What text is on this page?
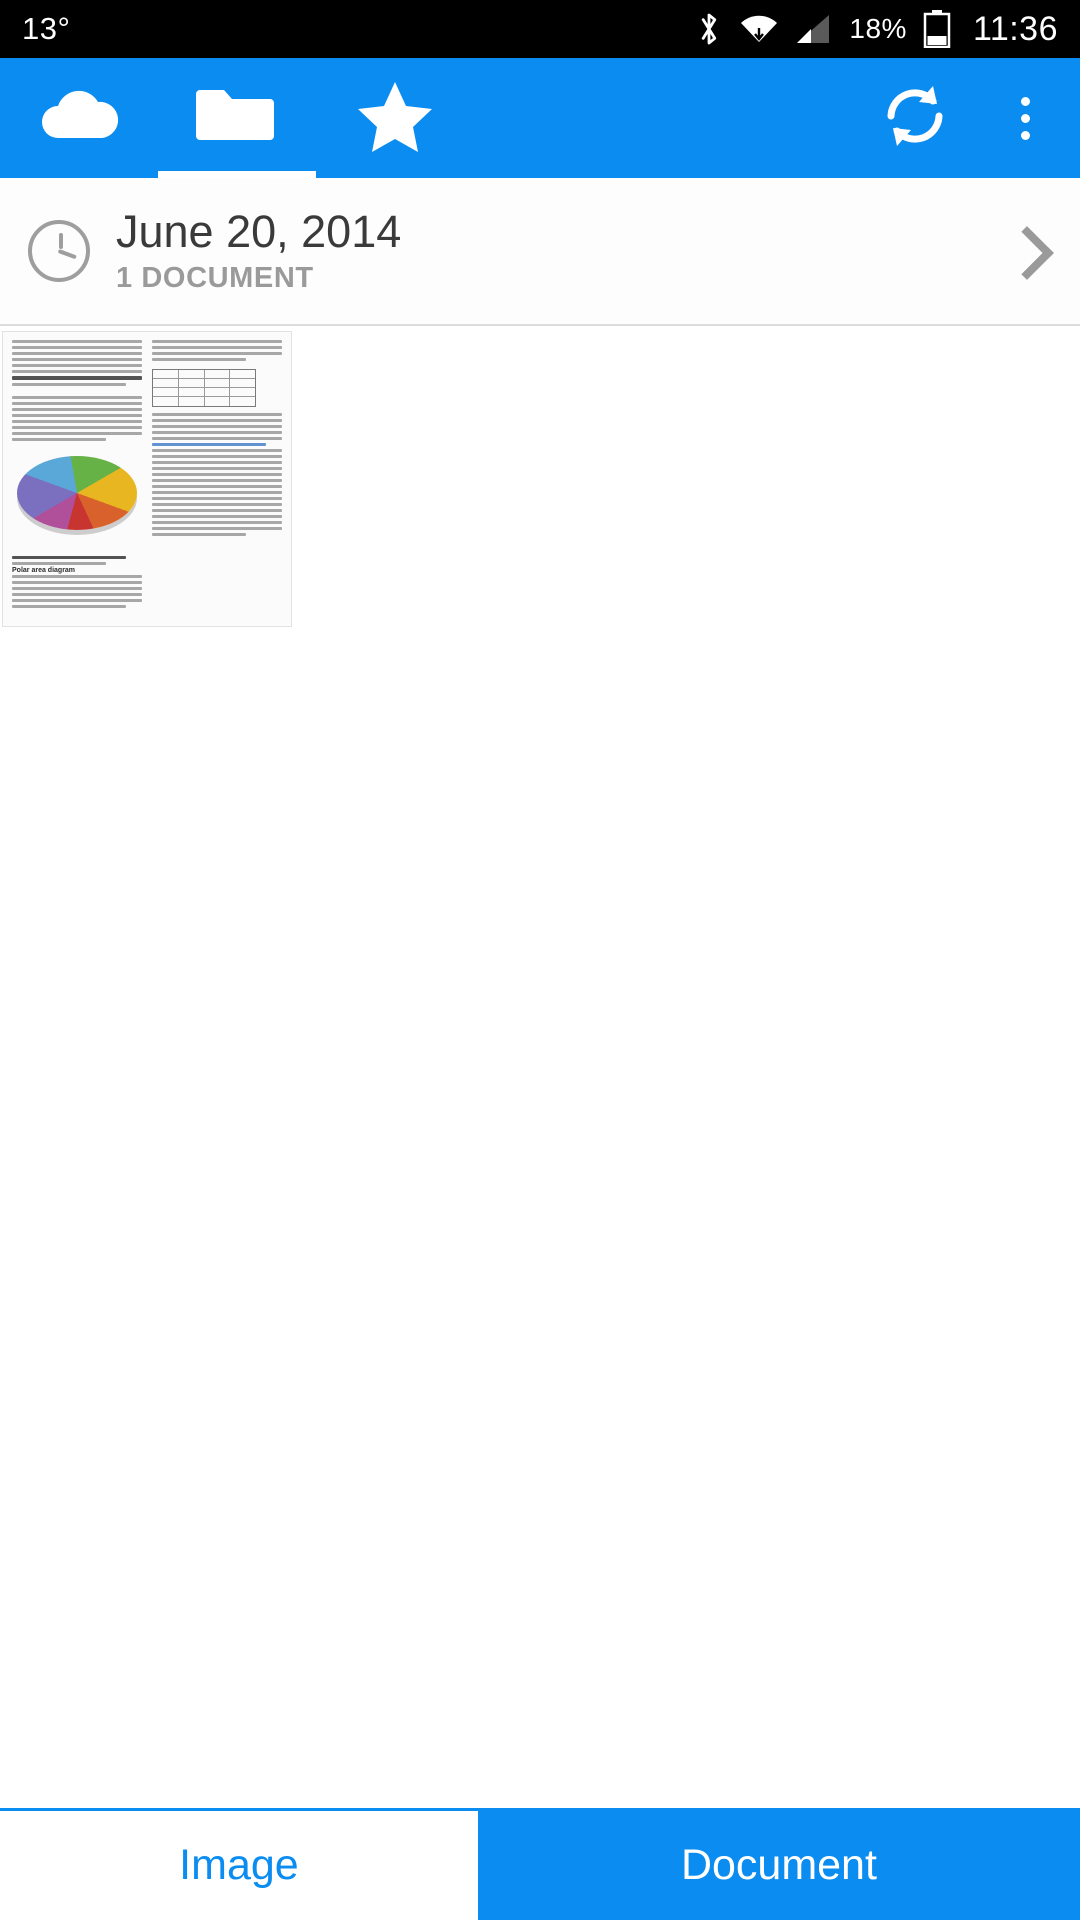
13°	18% 11:36
June 20, 2014
1 DOCUMENT
Polar area diagram
Image	Document
